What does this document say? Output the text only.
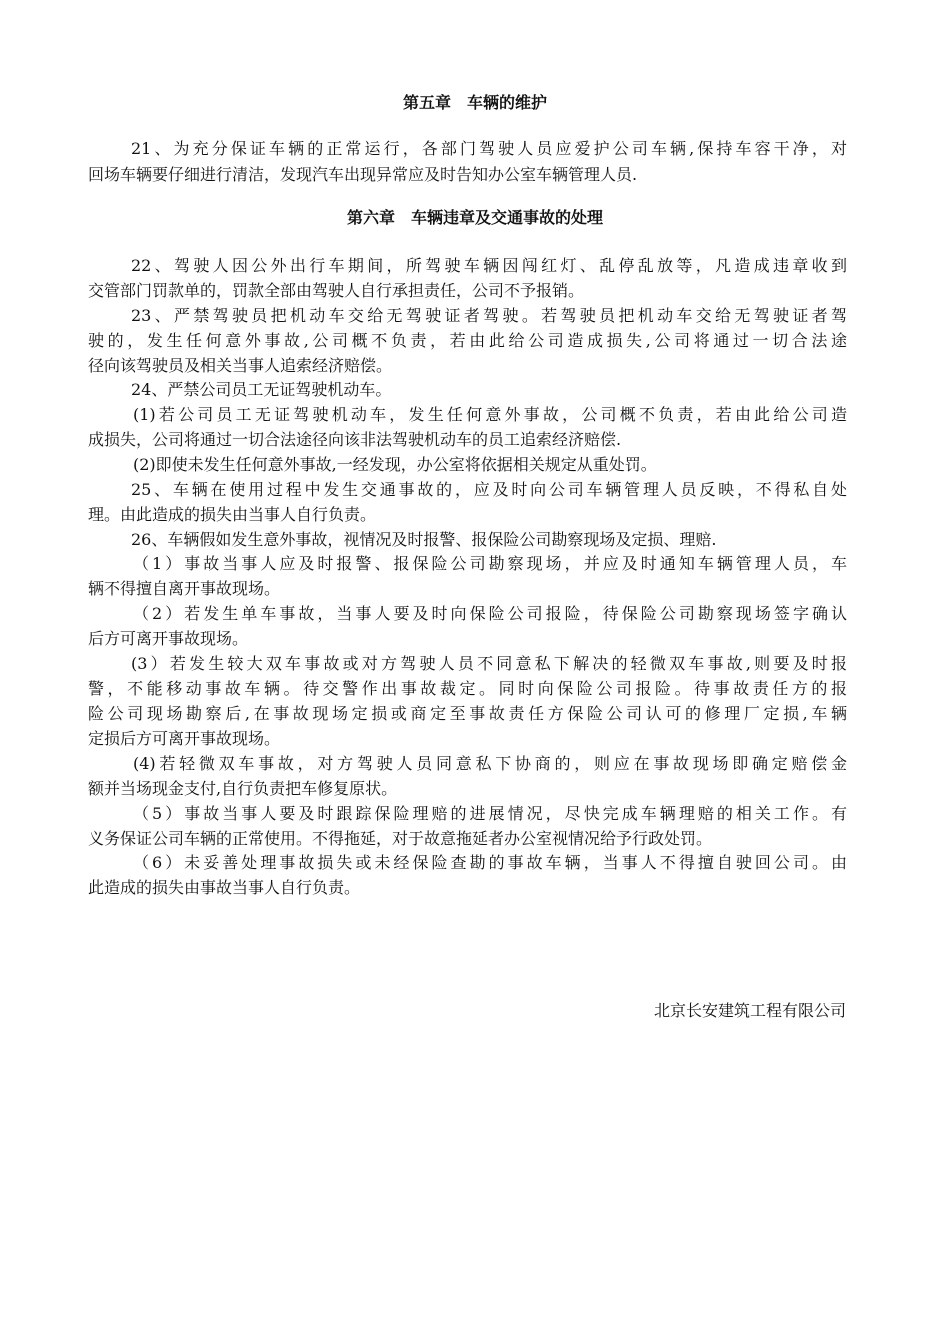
第五章　车辆的维护
21、为充分保证车辆的正常运行，各部门驾驶人员应爱护公司车辆,保持车容干净，对
回场车辆要仔细进行清洁，发现汽车出现异常应及时告知办公室车辆管理人员.
第六章　车辆违章及交通事故的处理
22、驾驶人因公外出行车期间，所驾驶车辆因闯红灯、乱停乱放等，凡造成违章收到
交管部门罚款单的，罚款全部由驾驶人自行承担责任，公司不予报销。
23、严禁驾驶员把机动车交给无驾驶证者驾驶。若驾驶员把机动车交给无驾驶证者驾
驶的，发生任何意外事故,公司概不负责，若由此给公司造成损失,公司将通过一切合法途
径向该驾驶员及相关当事人追索经济赔偿。
24、严禁公司员工无证驾驶机动车。
(1)若公司员工无证驾驶机动车，发生任何意外事故，公司概不负责，若由此给公司造
成损失，公司将通过一切合法途径向该非法驾驶机动车的员工追索经济赔偿.
(2)即使未发生任何意外事故,一经发现，办公室将依据相关规定从重处罚。
25、车辆在使用过程中发生交通事故的，应及时向公司车辆管理人员反映，不得私自处
理。由此造成的损失由当事人自行负责。
26、车辆假如发生意外事故，视情况及时报警、报保险公司勘察现场及定损、理赔.
（1）事故当事人应及时报警、报保险公司勘察现场，并应及时通知车辆管理人员，车
辆不得擅自离开事故现场。
（2）若发生单车事故，当事人要及时向保险公司报险，待保险公司勘察现场签字确认
后方可离开事故现场。
(3）若发生较大双车事故或对方驾驶人员不同意私下解决的轻微双车事故,则要及时报
警，不能移动事故车辆。待交警作出事故裁定。同时向保险公司报险。待事故责任方的报
险公司现场勘察后,在事故现场定损或商定至事故责任方保险公司认可的修理厂定损,车辆
定损后方可离开事故现场。
(4)若轻微双车事故，对方驾驶人员同意私下协商的，则应在事故现场即确定赔偿金
额并当场现金支付,自行负责把车修复原状。
（5）事故当事人要及时跟踪保险理赔的进展情况，尽快完成车辆理赔的相关工作。有
义务保证公司车辆的正常使用。不得拖延，对于故意拖延者办公室视情况给予行政处罚。
（6）未妥善处理事故损失或未经保险查勘的事故车辆，当事人不得擅自驶回公司。由
此造成的损失由事故当事人自行负责。
北京长安建筑工程有限公司
